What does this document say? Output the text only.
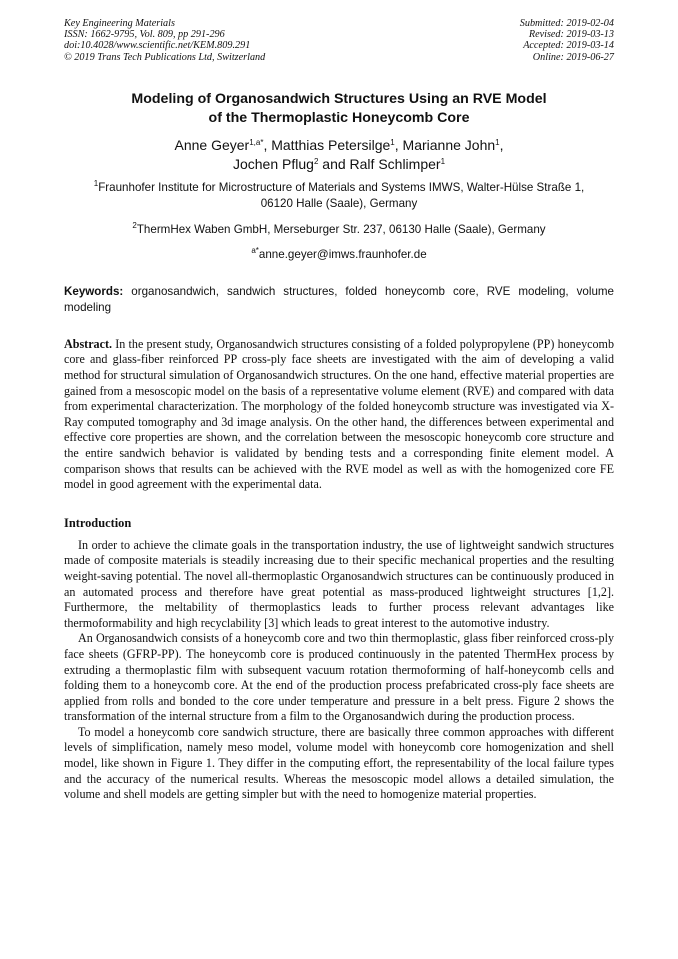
Key Engineering Materials
ISSN: 1662-9795, Vol. 809, pp 291-296
doi:10.4028/www.scientific.net/KEM.809.291
© 2019 Trans Tech Publications Ltd, Switzerland
Submitted: 2019-02-04
Revised: 2019-03-13
Accepted: 2019-03-14
Online: 2019-06-27
Modeling of Organosandwich Structures Using an RVE Model
of the Thermoplastic Honeycomb Core
Anne Geyer$^{1,a*}$, Matthias Petersilge$^1$, Marianne John$^1$,
Jochen Pflug$^2$ and Ralf Schlimper$^1$
$^1$Fraunhofer Institute for Microstructure of Materials and Systems IMWS, Walter-Hülse Straße 1,
06120 Halle (Saale), Germany
$^2$ThermHex Waben GmbH, Merseburger Str. 237, 06130 Halle (Saale), Germany
$^{a*}$anne.geyer@imws.fraunhofer.de
Keywords: organosandwich, sandwich structures, folded honeycomb core, RVE modeling, volume modeling
Abstract. In the present study, Organosandwich structures consisting of a folded polypropylene (PP) honeycomb core and glass-fiber reinforced PP cross-ply face sheets are investigated with the aim of developing a valid method for structural simulation of Organosandwich structures. On the one hand, effective material properties are gained from a mesoscopic model on the basis of a representative volume element (RVE) and compared with data from experimental characterization. The morphology of the folded honeycomb structure was investigated via X-Ray computed tomography and 3d image analysis. On the other hand, the differences between experimental and effective core properties are shown, and the correlation between the mesoscopic honeycomb core structure and the entire sandwich behavior is validated by bending tests and a corresponding finite element model. A comparison shows that results can be achieved with the RVE model as well as with the homogenized core FE model in good agreement with the experimental data.
Introduction

In order to achieve the climate goals in the transportation industry, the use of lightweight sandwich structures made of composite materials is steadily increasing due to their specific mechanical properties and the resulting weight-saving potential. The novel all-thermoplastic Organosandwich structures can be continuously produced in an automated process and therefore have great potential as mass-produced lightweight structures [1,2]. Furthermore, the meltability of thermoplastics leads to further process relevant advantages like thermoformability and high recyclability [3] which leads to great interest to the automotive industry.

An Organosandwich consists of a honeycomb core and two thin thermoplastic, glass fiber reinforced cross-ply face sheets (GFRP-PP). The honeycomb core is produced continuously in the patented ThermHex process by extruding a thermoplastic film with subsequent vacuum rotation thermoforming of half-honeycomb cells and folding them to a honeycomb core. At the end of the production process prefabricated cross-ply face sheets are applied from rolls and bonded to the core under temperature and pressure in a belt press. Figure 2 shows the transformation of the internal structure from a film to the Organosandwich during the production process.

To model a honeycomb core sandwich structure, there are basically three common approaches with different levels of simplification, namely meso model, volume model with honeycomb core homogenization and shell model, like shown in Figure 1. They differ in the computing effort, the representability of the local failure types and the accuracy of the numerical results. Whereas the mesoscopic model allows a detailed simulation, the volume and shell models are getting simpler but with the need to homogenize material properties.
